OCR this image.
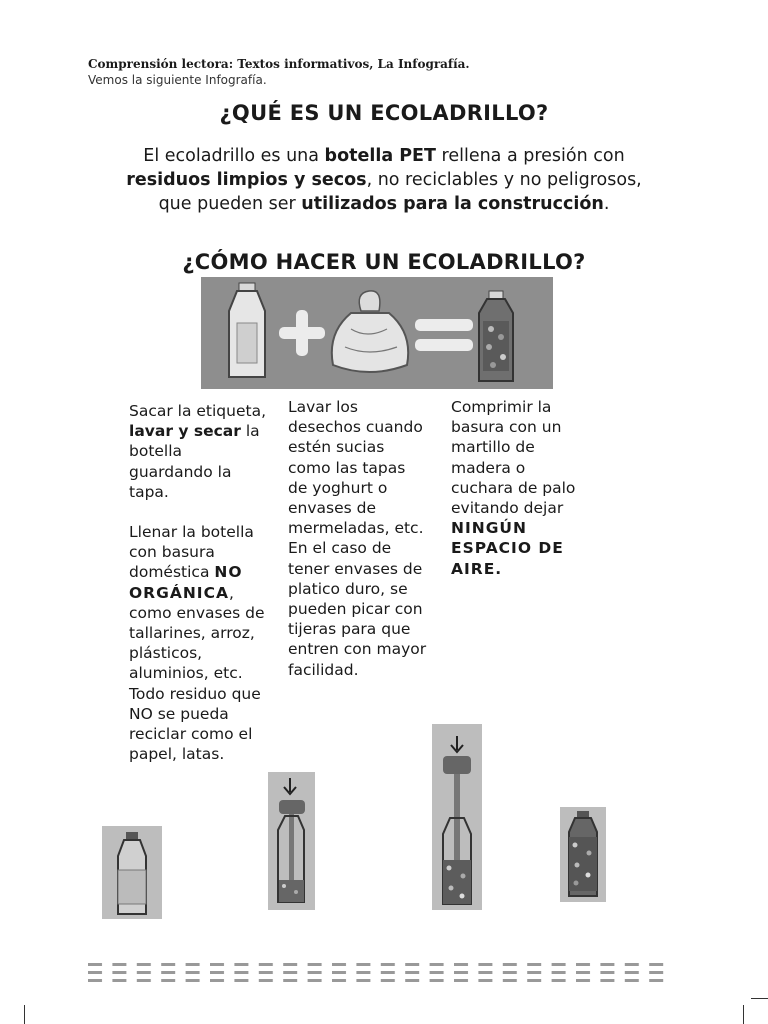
Comprensión lectora: Textos informativos, La Infografía.
Vemos la siguiente Infografía.
¿QUÉ ES UN ECOLADRILLO?
El ecoladrillo es una botella PET rellena a presión con residuos limpios y secos, no reciclables y no peligrosos, que pueden ser utilizados para la construcción.
¿CÓMO HACER UN ECOLADRILLO?

Sacar la etiqueta, lavar y secar la botella guardando la tapa.

Llenar la botella con basura doméstica NO ORGÁNICA, como envases de tallarines, arroz, plásticos, aluminios, etc. Todo residuo que NO se pueda reciclar como el papel, latas.

Lavar los desechos cuando estén sucias como las tapas de yoghurt o envases de mermeladas, etc. En el caso de tener envases de platico duro, se pueden picar con tijeras para que entren con mayor facilidad.

Comprimir la basura con un martillo de madera o cuchara de palo evitando dejar NINGÚN ESPACIO DE AIRE.
